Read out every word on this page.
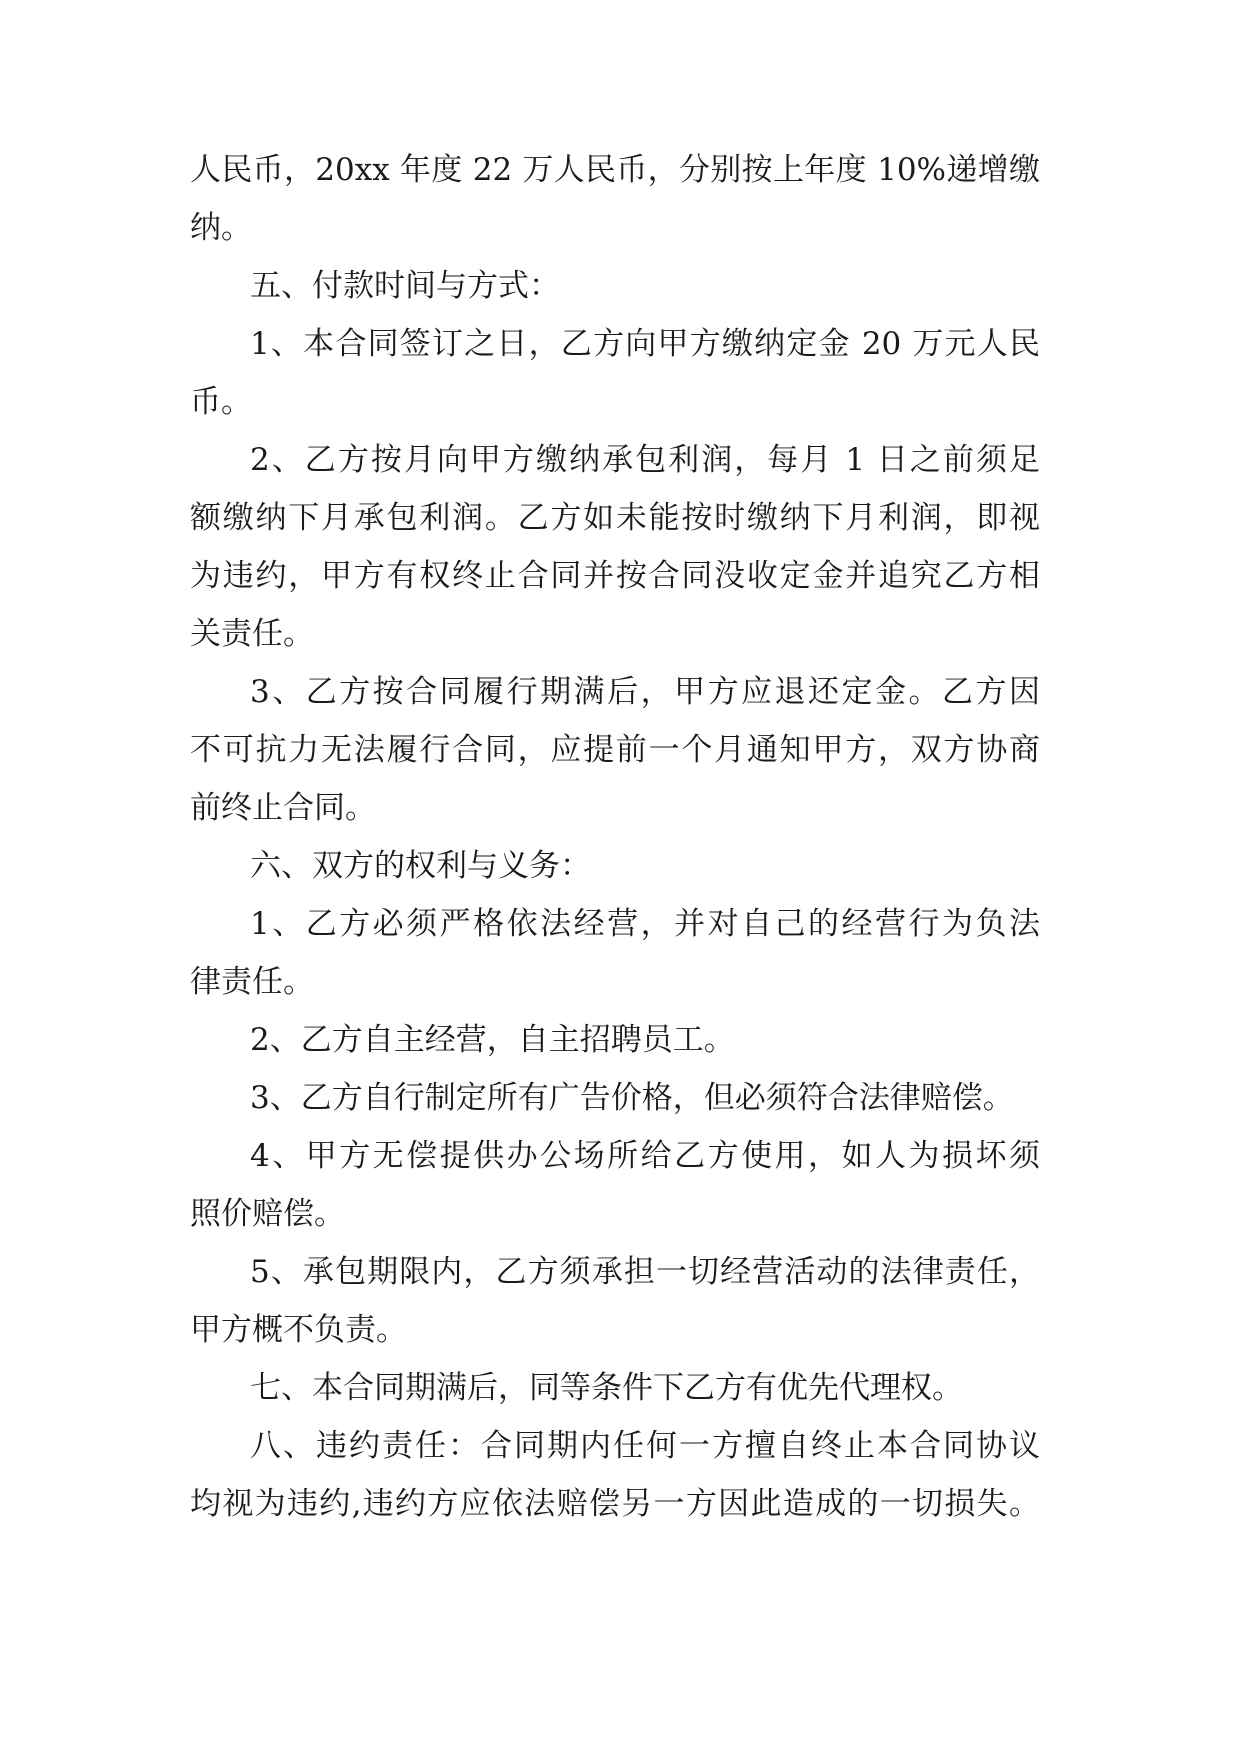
人民币，20xx 年度 22 万人民币，分别按上年度 10%递增缴
纳。
五、付款时间与方式：
1、本合同签订之日，乙方向甲方缴纳定金 20 万元人民
币。
2、乙方按月向甲方缴纳承包利润，每月 1 日之前须足
额缴纳下月承包利润。乙方如未能按时缴纳下月利润，即视
为违约，甲方有权终止合同并按合同没收定金并追究乙方相
关责任。
3、乙方按合同履行期满后，甲方应退还定金。乙方因
不可抗力无法履行合同，应提前一个月通知甲方，双方协商
前终止合同。
六、双方的权利与义务：
1、乙方必须严格依法经营，并对自己的经营行为负法
律责任。
2、乙方自主经营，自主招聘员工。
3、乙方自行制定所有广告价格，但必须符合法律赔偿。
4、甲方无偿提供办公场所给乙方使用，如人为损坏须
照价赔偿。
5、承包期限内，乙方须承担一切经营活动的法律责任，
甲方概不负责。
七、本合同期满后，同等条件下乙方有优先代理权。
八、违约责任：合同期内任何一方擅自终止本合同协议
均视为违约,违约方应依法赔偿另一方因此造成的一切损失。
